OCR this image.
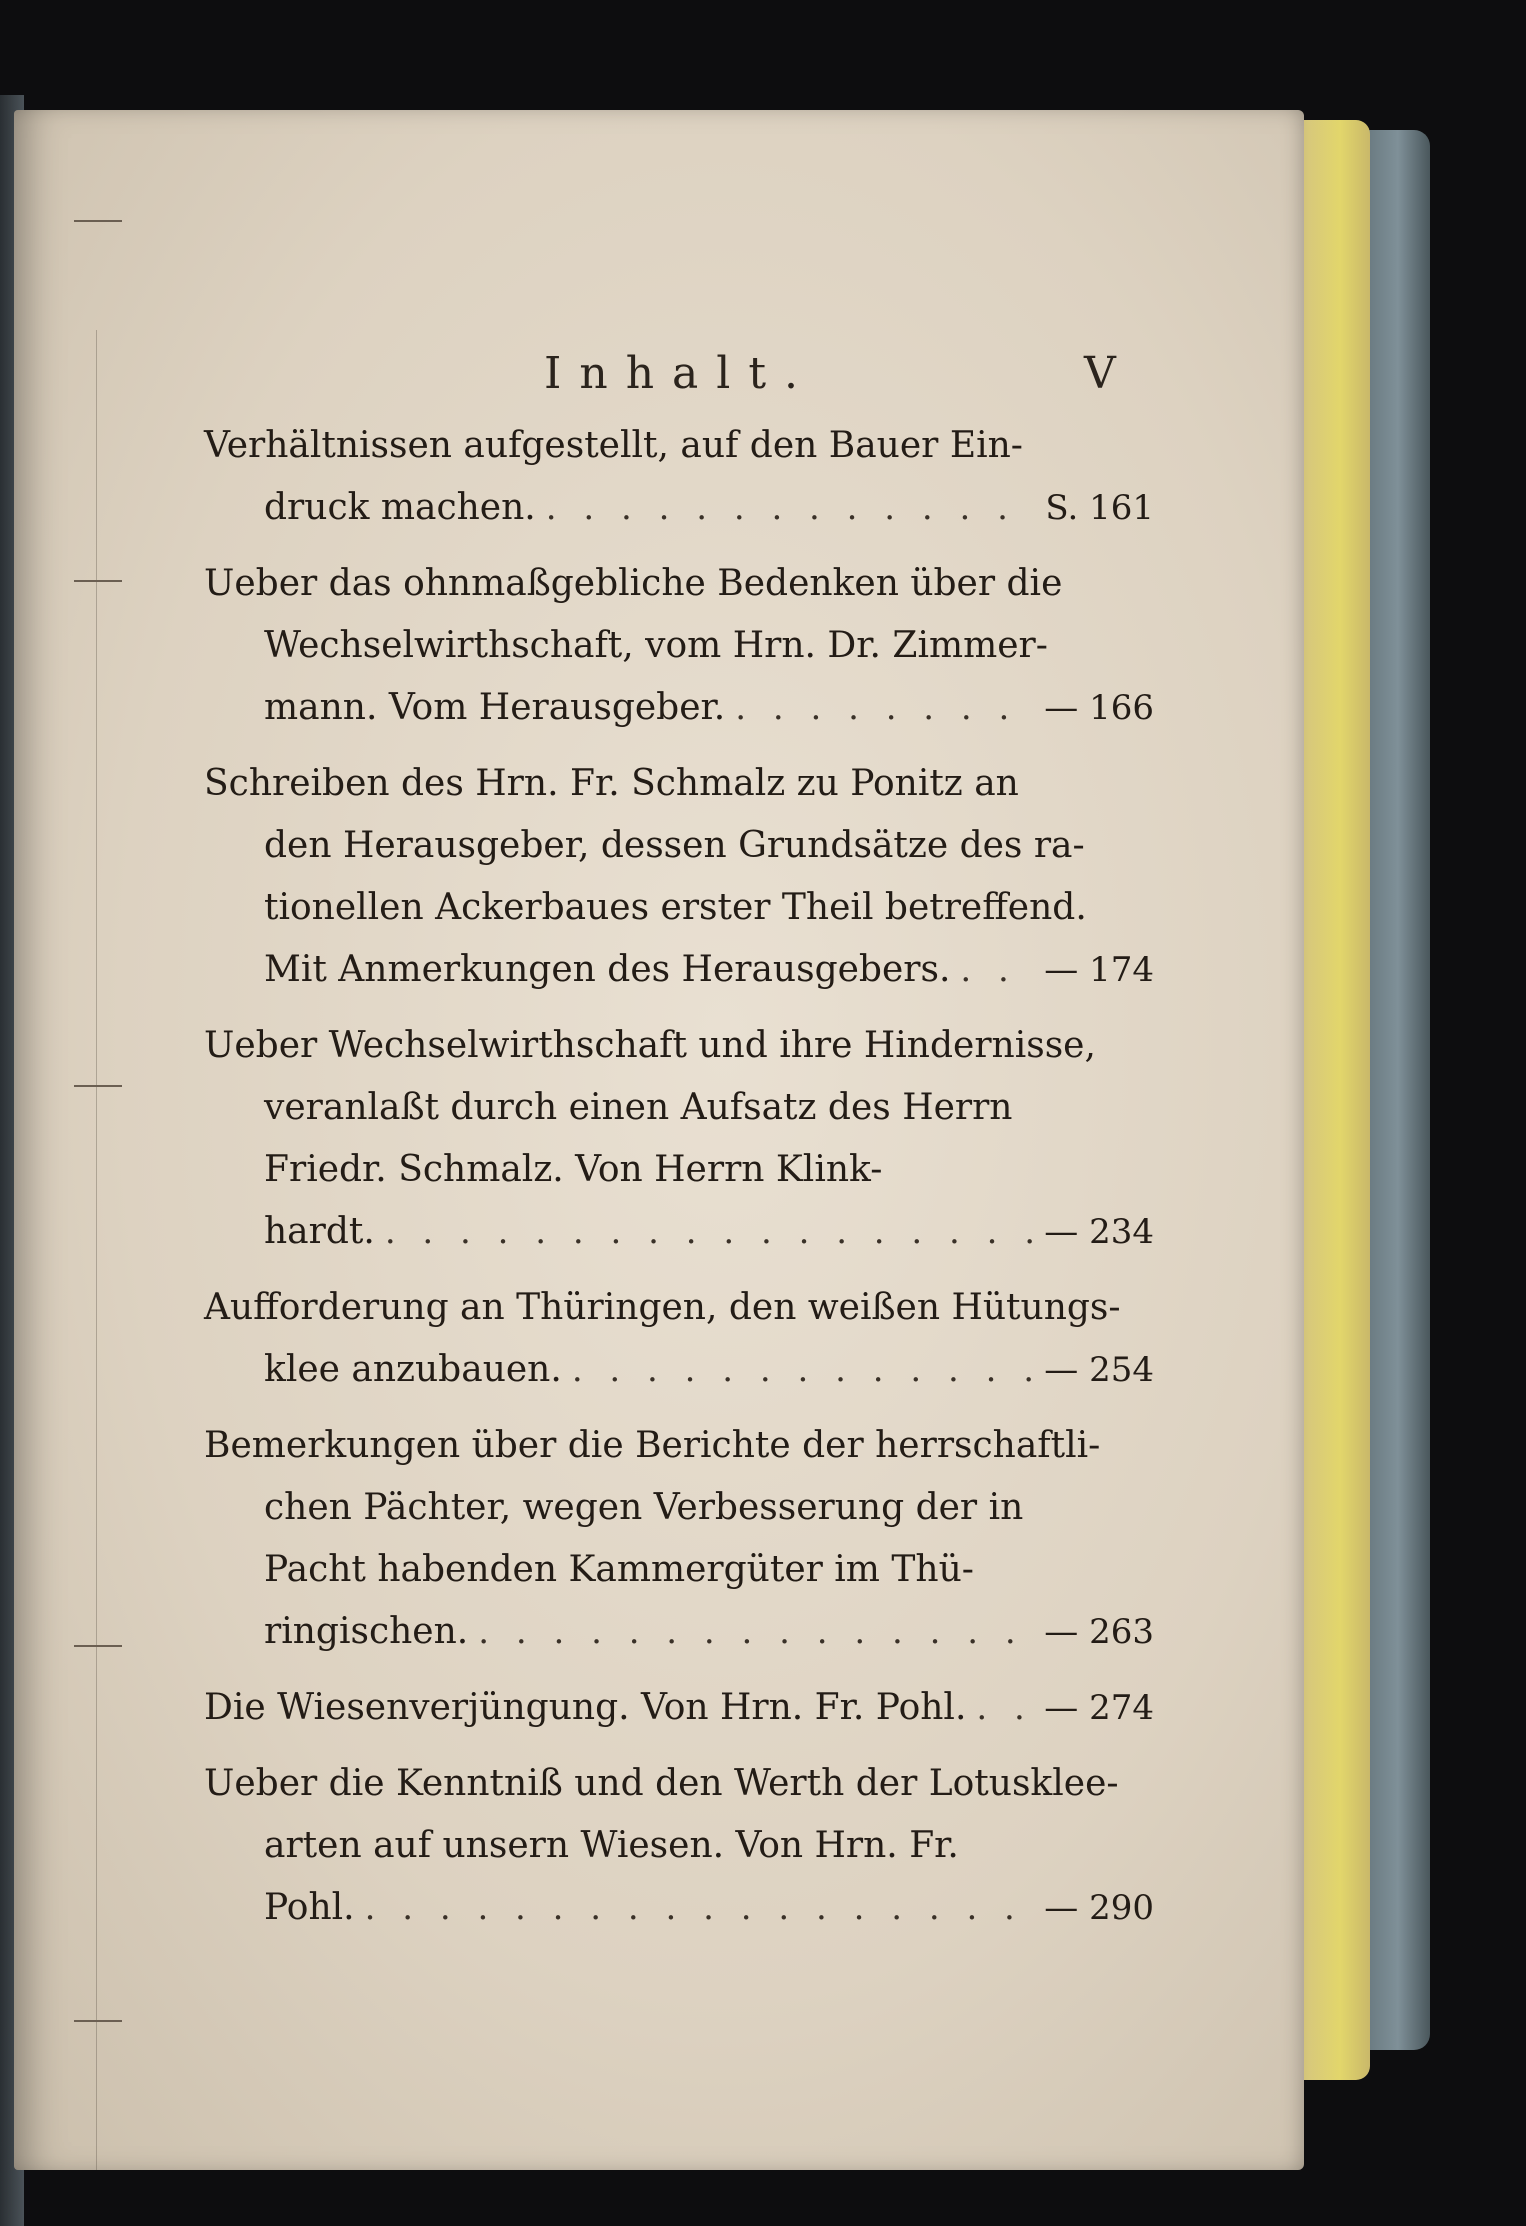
Inhalt.	V
Verhältnissen aufgestellt, auf den Bauer Ein-
druck machen. . . .	S. 161
Ueber das ohnmaßgebliche Bedenken über die
Wechselwirthschaft, vom Hrn. Dr. Zimmer-
mann. Vom Herausgeber. . . .	— 166
Schreiben des Hrn. Fr. Schmalz zu Ponitz an
den Herausgeber, dessen Grundsätze des ra-
tionellen Ackerbaues erster Theil betreffend.
Mit Anmerkungen des Herausgebers. . . .	— 174
Ueber Wechselwirthschaft und ihre Hindernisse,
veranlaßt durch einen Aufsatz des Herrn
Friedr. Schmalz. Von Herrn Klink-
hardt. . . .	— 234
Aufforderung an Thüringen, den weißen Hütungs-
klee anzubauen. . . .	— 254
Bemerkungen über die Berichte der herrschaftli-
chen Pächter, wegen Verbesserung der in
Pacht habenden Kammergüter im Thü-
ringischen. . . .	— 263
Die Wiesenverjüngung. Von Hrn. Fr. Pohl. . . . — 274
Ueber die Kenntniß und den Werth der Lotusklee-
arten auf unsern Wiesen. Von Hrn. Fr.
Pohl. . . .	— 290
